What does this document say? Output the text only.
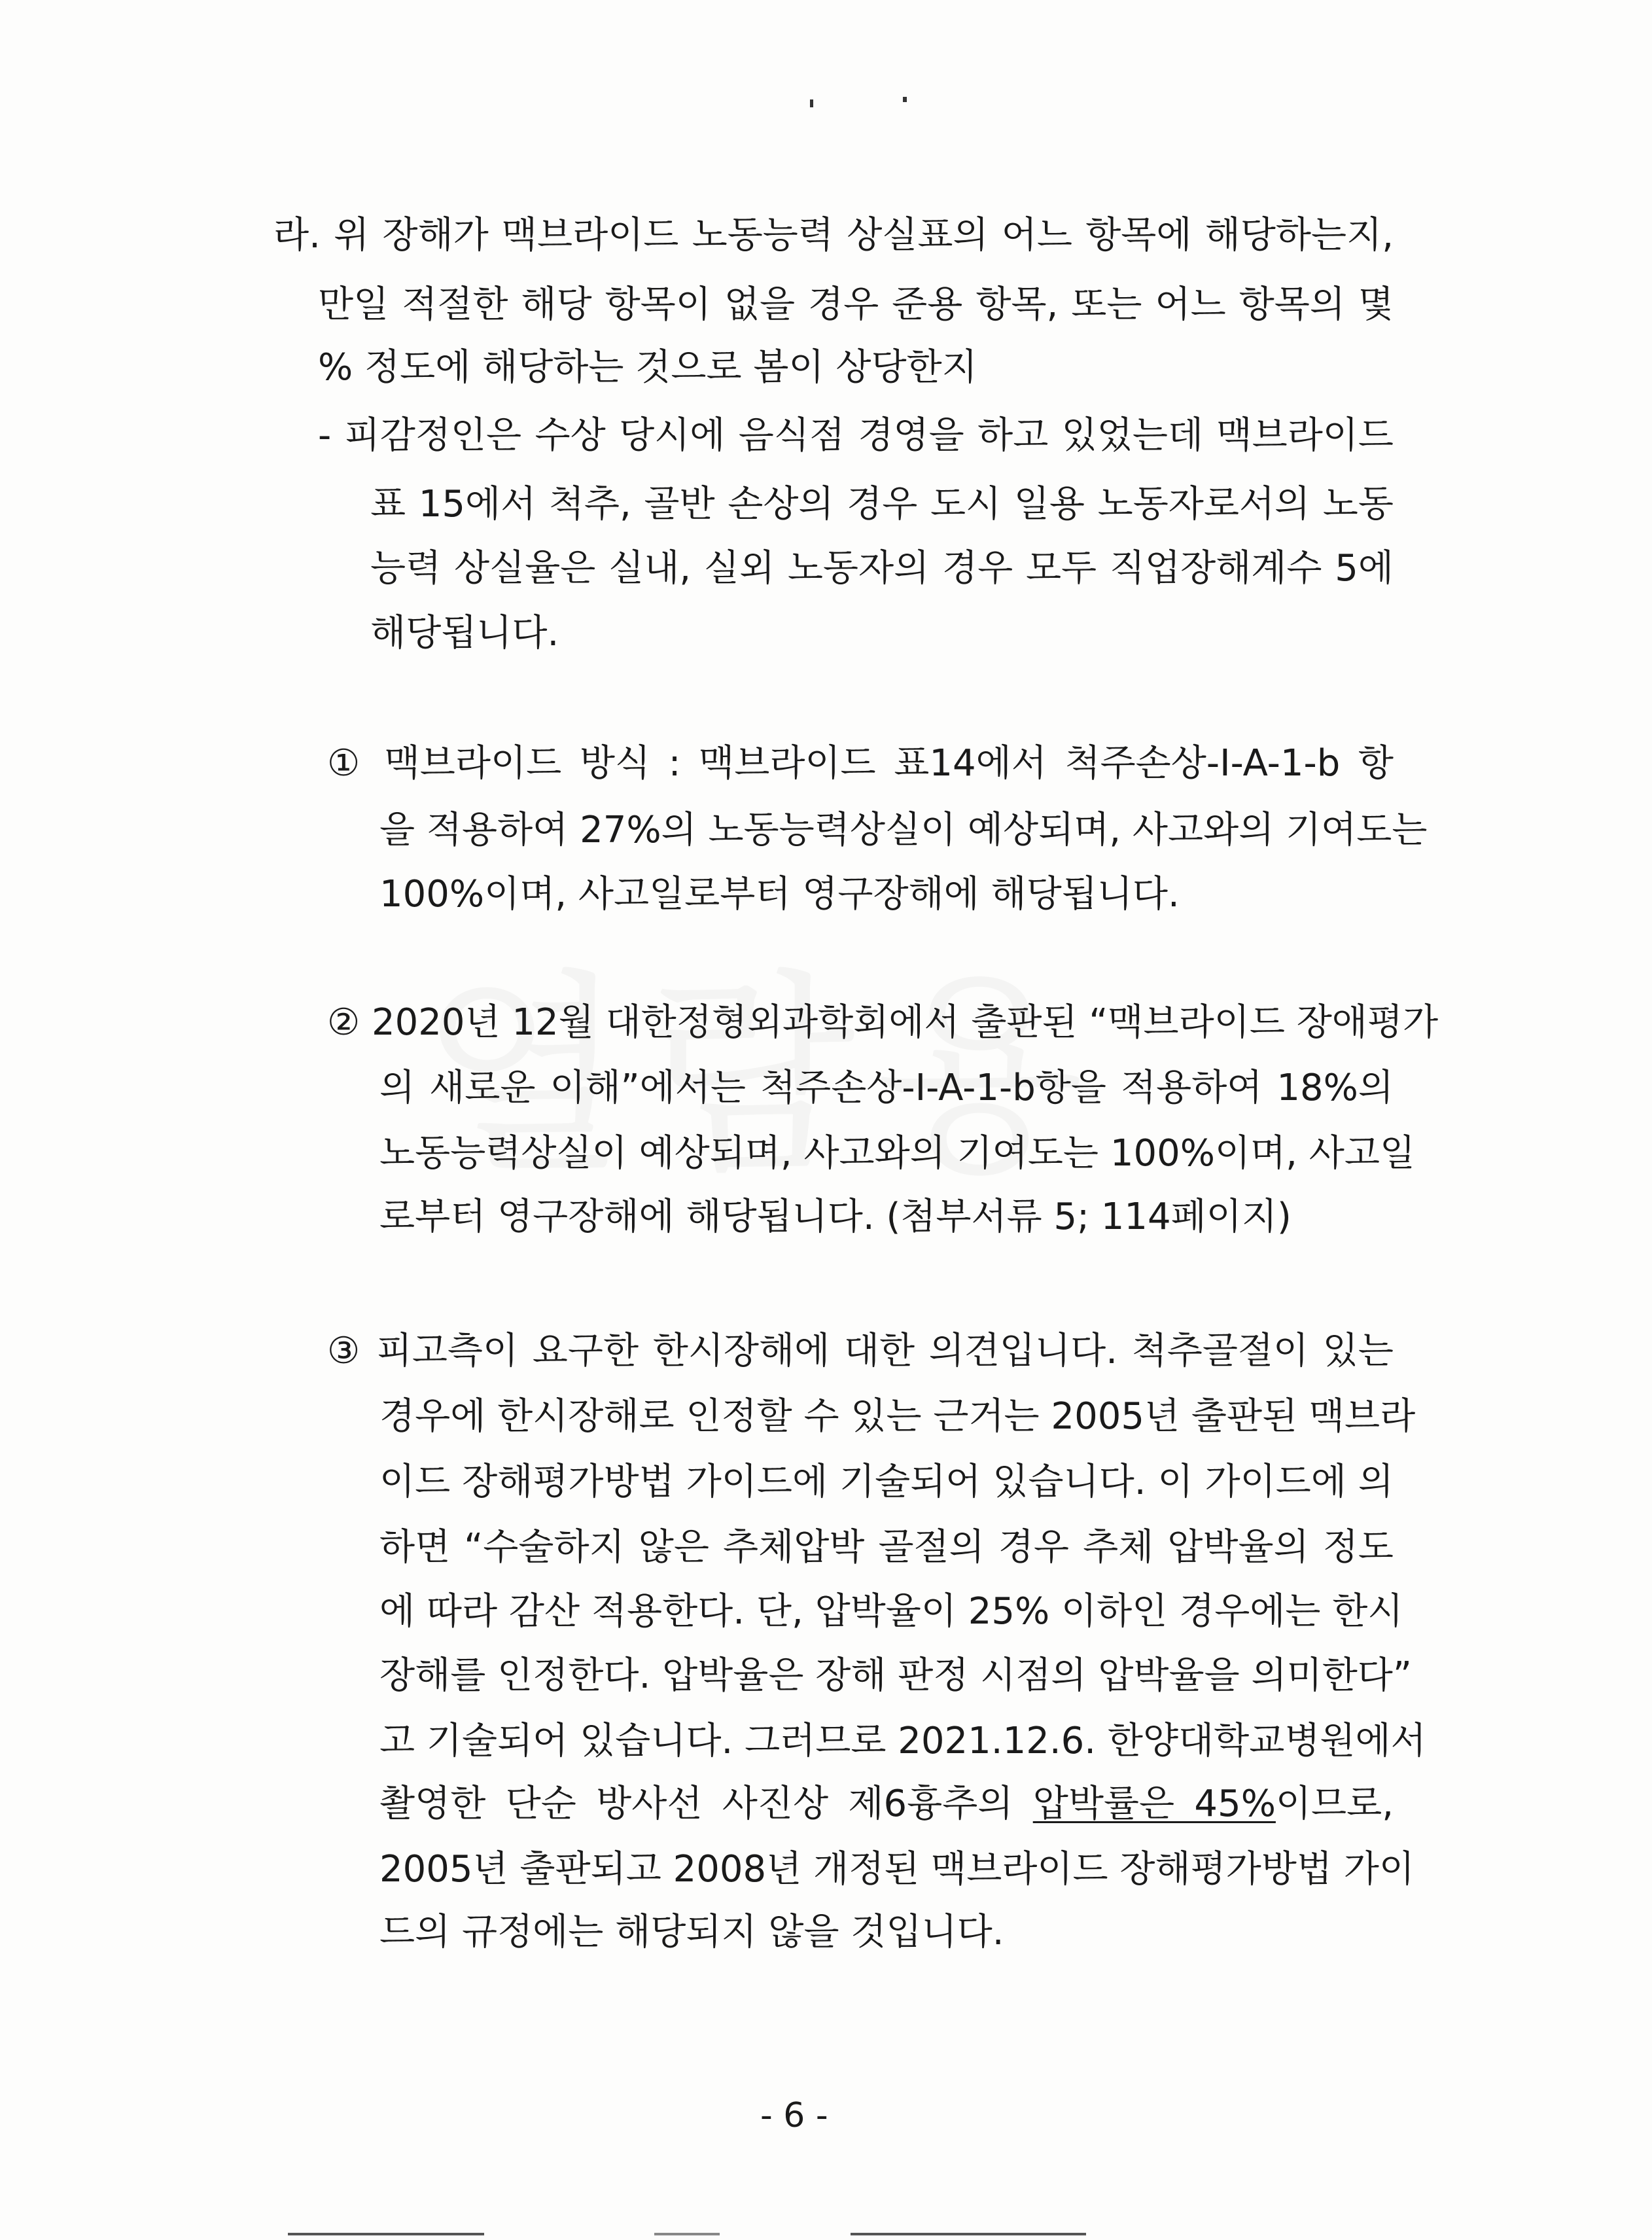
라. 위 장해가 맥브라이드 노동능력 상실표의 어느 항목에 해당하는지,
만일 적절한 해당 항목이 없을 경우 준용 항목, 또는 어느 항목의 몇
% 정도에 해당하는 것으로 봄이 상당한지
- 피감정인은 수상 당시에 음식점 경영을 하고 있었는데 맥브라이드
표 15에서 척추, 골반 손상의 경우 도시 일용 노동자로서의 노동
능력 상실율은 실내, 실외 노동자의 경우 모두 직업장해계수 5에
해당됩니다.
① 맥브라이드 방식 : 맥브라이드 표14에서 척주손상-I-A-1-b 항
을 적용하여 27%의 노동능력상실이 예상되며, 사고와의 기여도는
100%이며, 사고일로부터 영구장해에 해당됩니다.
② 2020년 12월 대한정형외과학회에서 출판된 “맥브라이드 장애평가
의 새로운 이해”에서는 척주손상-I-A-1-b항을 적용하여 18%의
노동능력상실이 예상되며, 사고와의 기여도는 100%이며, 사고일
로부터 영구장해에 해당됩니다. (첨부서류 5; 114페이지)
③ 피고측이 요구한 한시장해에 대한 의견입니다. 척추골절이 있는
경우에 한시장해로 인정할 수 있는 근거는 2005년 출판된 맥브라
이드 장해평가방법 가이드에 기술되어 있습니다. 이 가이드에 의
하면 “수술하지 않은 추체압박 골절의 경우 추체 압박율의 정도
에 따라 감산 적용한다. 단, 압박율이 25% 이하인 경우에는 한시
장해를 인정한다. 압박율은 장해 판정 시점의 압박율을 의미한다”
고 기술되어 있습니다. 그러므로 2021.12.6. 한양대학교병원에서
촬영한 단순 방사선 사진상 제6흉추의 압박률은 45%이므로,
2005년 출판되고 2008년 개정된 맥브라이드 장해평가방법 가이
드의 규정에는 해당되지 않을 것입니다.
- 6 -
